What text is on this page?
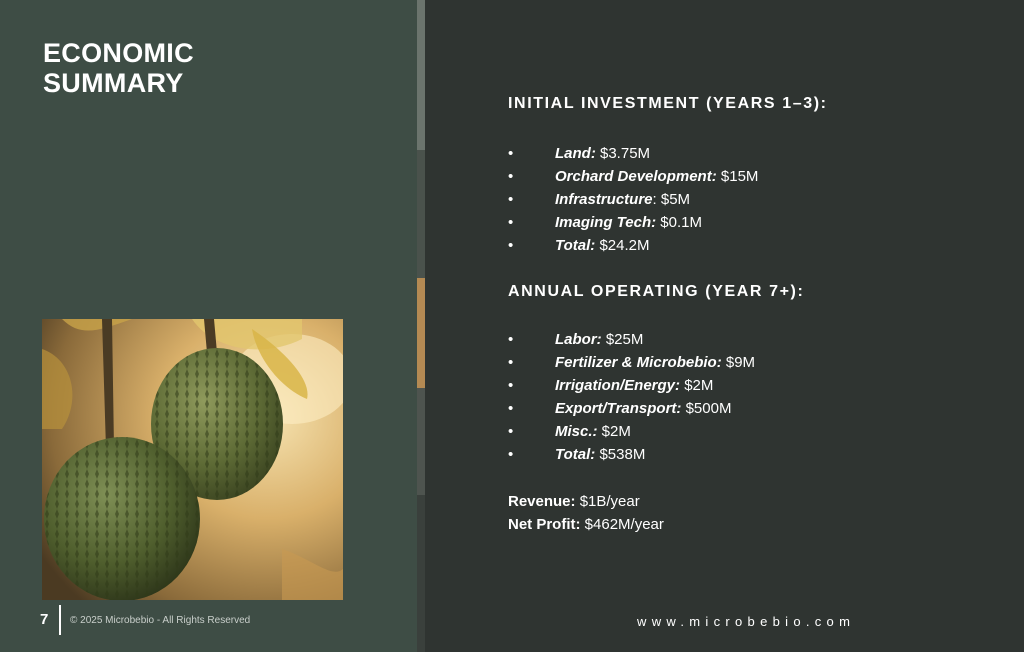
ECONOMIC
SUMMARY
7 © 2025 Microbebio - All Rights Reserved
INITIAL INVESTMENT (YEARS 1–3):
•	Land: $3.75M
•	Orchard Development: $15M
•	Infrastructure: $5M
•	Imaging Tech: $0.1M
•	Total: $24.2M
ANNUAL OPERATING (YEAR 7+):
•	Labor: $25M
•	Fertilizer & Microbebio: $9M
•	Irrigation/Energy: $2M
•	Export/Transport: $500M
•	Misc.: $2M
•	Total: $538M
Revenue: $1B/year
Net Profit: $462M/year
www.microbebio.com
